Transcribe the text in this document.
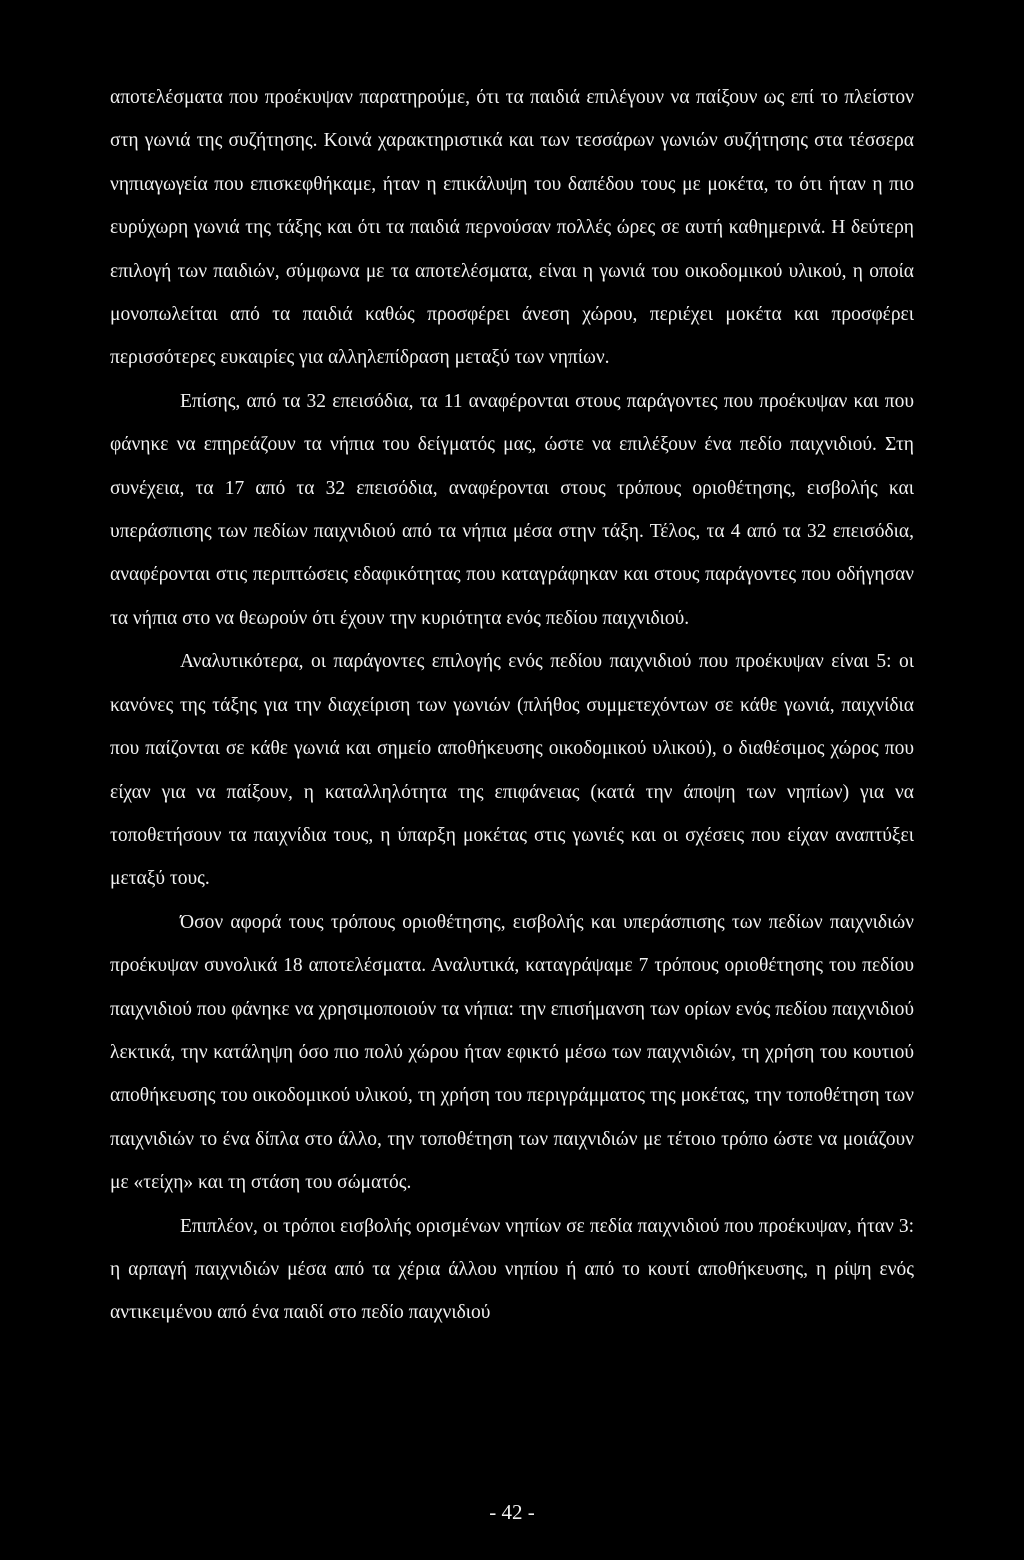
αποτελέσματα που προέκυψαν παρατηρούμε, ότι τα παιδιά επιλέγουν να παίξουν ως επί το πλείστον στη γωνιά της συζήτησης. Κοινά χαρακτηριστικά και των τεσσάρων γωνιών συζήτησης στα τέσσερα νηπιαγωγεία που επισκεφθήκαμε, ήταν η επικάλυψη του δαπέδου τους με μοκέτα, το ότι ήταν η πιο ευρύχωρη γωνιά της τάξης και ότι τα παιδιά περνούσαν πολλές ώρες σε αυτή καθημερινά. Η δεύτερη επιλογή των παιδιών, σύμφωνα με τα αποτελέσματα, είναι η γωνιά του οικοδομικού υλικού, η οποία μονοπωλείται από τα παιδιά καθώς προσφέρει άνεση χώρου, περιέχει μοκέτα και προσφέρει περισσότερες ευκαιρίες για αλληλεπίδραση μεταξύ των νηπίων.

Επίσης, από τα 32 επεισόδια, τα 11 αναφέρονται στους παράγοντες που προέκυψαν και που φάνηκε να επηρεάζουν τα νήπια του δείγματός μας, ώστε να επιλέξουν ένα πεδίο παιχνιδιού. Στη συνέχεια, τα 17 από τα 32 επεισόδια, αναφέρονται στους τρόπους οριοθέτησης, εισβολής και υπεράσπισης των πεδίων παιχνιδιού από τα νήπια μέσα στην τάξη. Τέλος, τα 4 από τα 32 επεισόδια, αναφέρονται στις περιπτώσεις εδαφικότητας που καταγράφηκαν και στους παράγοντες που οδήγησαν τα νήπια στο να θεωρούν ότι έχουν την κυριότητα ενός πεδίου παιχνιδιού.

Αναλυτικότερα, οι παράγοντες επιλογής ενός πεδίου παιχνιδιού που προέκυψαν είναι 5: οι κανόνες της τάξης για την διαχείριση των γωνιών (πλήθος συμμετεχόντων σε κάθε γωνιά, παιχνίδια που παίζονται σε κάθε γωνιά και σημείο αποθήκευσης οικοδομικού υλικού), ο διαθέσιμος χώρος που είχαν για να παίξουν, η καταλληλότητα της επιφάνειας (κατά την άποψη των νηπίων) για να τοποθετήσουν τα παιχνίδια τους, η ύπαρξη μοκέτας στις γωνιές και οι σχέσεις που είχαν αναπτύξει μεταξύ τους.

Όσον αφορά τους τρόπους οριοθέτησης, εισβολής και υπεράσπισης των πεδίων παιχνιδιών προέκυψαν συνολικά 18 αποτελέσματα. Αναλυτικά, καταγράψαμε 7 τρόπους οριοθέτησης του πεδίου παιχνιδιού που φάνηκε να χρησιμοποιούν τα νήπια: την επισήμανση των ορίων ενός πεδίου παιχνιδιού λεκτικά, την κατάληψη όσο πιο πολύ χώρου ήταν εφικτό μέσω των παιχνιδιών, τη χρήση του κουτιού αποθήκευσης του οικοδομικού υλικού, τη χρήση του περιγράμματος της μοκέτας, την τοποθέτηση των παιχνιδιών το ένα δίπλα στο άλλο, την τοποθέτηση των παιχνιδιών με τέτοιο τρόπο ώστε να μοιάζουν με «τείχη» και τη στάση του σώματός.

Επιπλέον, οι τρόποι εισβολής ορισμένων νηπίων σε πεδία παιχνιδιού που προέκυψαν, ήταν 3: η αρπαγή παιχνιδιών μέσα από τα χέρια άλλου νηπίου ή από το κουτί αποθήκευσης, η ρίψη ενός αντικειμένου από ένα παιδί στο πεδίο παιχνιδιού

- 42 -
